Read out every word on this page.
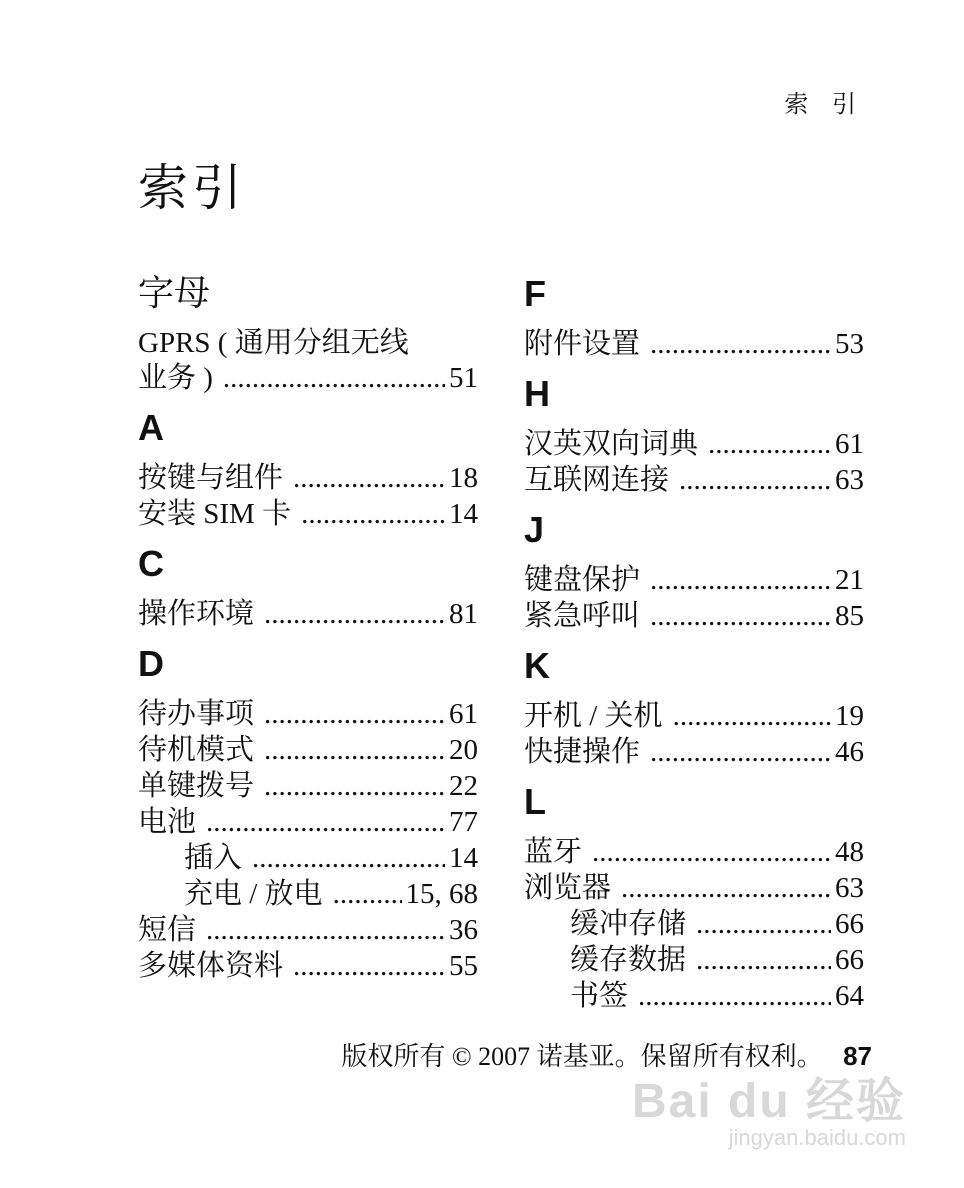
索 引
索引
字母
GPRS ( 通用分组无线
业务 ) .....	51
A
按键与组件 .....	18
安装 SIM 卡 .....	14
C
操作环境 .....	81
D
待办事项 .....	61
待机模式 .....	20
单键拨号 .....	22
电池 .....	77
插入 .....	14
充电 / 放电 .....	15, 68
短信 .....	36
多媒体资料 .....	55
F
附件设置 .....	53
H
汉英双向词典 .....	61
互联网连接 .....	63
J
键盘保护 .....	21
紧急呼叫 .....	85
K
开机 / 关机 .....	19
快捷操作 .....	46
L
蓝牙 .....	48
浏览器 .....	63
缓冲存储 .....	66
缓存数据 .....	66
书签 .....	64
版权所有 © 2007 诺基亚。保留所有权利。 87
Bai du 经验
jingyan.baidu.com
